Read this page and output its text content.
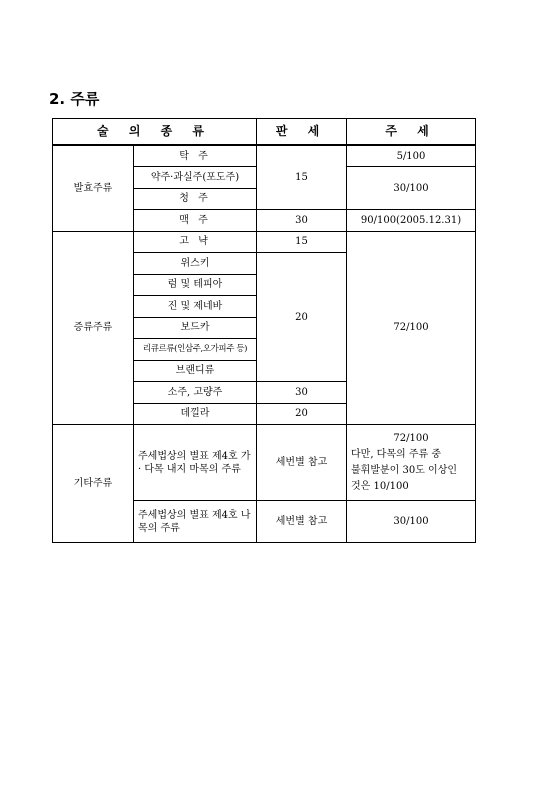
2. 주류
술 의 종 류		판 세	주 세
발효주류	탁 주	15	5/100
	약주·과실주(포도주)		30/100
	청 주		
	맥 주	30	90/100(2005.12.31)
증류주류	고 냑	15	72/100
	위스키	20	
	럼 및 테피아		
	진 및 제네바		
	보드카		
	리큐르류(인삼주,오가피주 등)		
	브랜디류		
	소주, 고량주	30	
	데낄라	20	
기타주류	주세법상의 별표 제4호 가 · 다목 내지 마목의 주류	세번별 참고	72/100
다만, 다목의 주류 중
불휘발분이 30도 이상인
것은 10/100

	주세법상의 별표 제4호 나목의 주류	세번별 참고	30/100
